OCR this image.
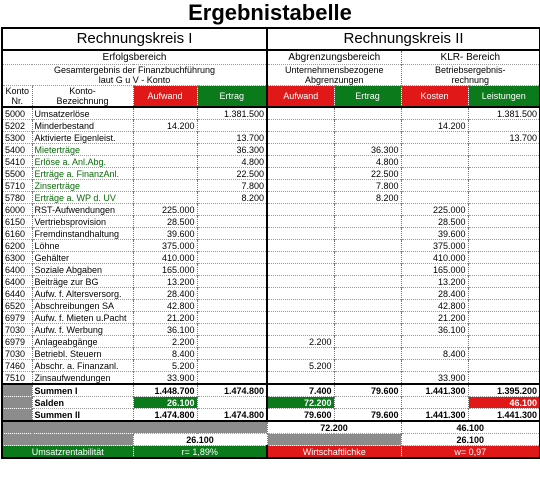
Ergebnistabelle
Rechnungskreis I				Rechnungskreis II			
Erfolgsbereich				Abgrenzungsbereich		KLR- Bereich	
Gesamtergebnis der Finanzbuchführung
laut G u V - Konto				Unternehmensbezogene
Abgrenzungen		Betriebsergebnis-
rechnung	
Konto
Nr.	Konto-
Bezeichnung	Aufwand	Ertrag	Aufwand	Ertrag	Kosten	Leistungen
5000	Umsatzerlöse		1.381.500				1.381.500
5202	Minderbestand	14.200				14.200	
5300	Aktivierte Eigenleist.		13.700				13.700
5400	Mieterträge		36.300		36.300		
5410	Erlöse a. Anl.Abg.		4.800		4.800		
5500	Erträge a. FinanzAnl.		22.500		22.500		
5710	Zinserträge		7.800		7.800		
5780	Erträge a. WP d. UV		8.200		8.200		
6000	RST-Aufwendungen	225.000				225.000	
6150	Vertriebsprovision	28.500				28.500	
6160	Fremdinstandhaltung	39.600				39.600	
6200	Löhne	375.000				375.000	
6300	Gehälter	410.000				410.000	
6400	Soziale Abgaben	165.000				165.000	
6400	Beiträge zur BG	13.200				13.200	
6440	Aufw. f. Altersversorg.	28.400				28.400	
6520	Abschreibungen SA	42.800				42.800	
6979	Aufw. f. Mieten u.Pacht	21.200				21.200	
7030	Aufw. f. Werbung	36.100				36.100	
6979	Anlageabgänge	2.200		2.200			
7030	Betriebl. Steuern	8.400				8.400	
7460	Abschr. a. Finanzanl.	5.200		5.200			
7510	Zinsaufwendungen	33.900				33.900	
	Summen I	1.448.700	1.474.800	7.400	79.600	1.441.300	1.395.200
	Salden	26.100		72.200			46.100
	Summen II	1.474.800	1.474.800	79.600	79.600	1.441.300	1.441.300
				72.200		46.100	
		26.100				26.100	
Umsatzrentabilität		r= 1,89%		Wirtschaftlichke		w= 0,97	
